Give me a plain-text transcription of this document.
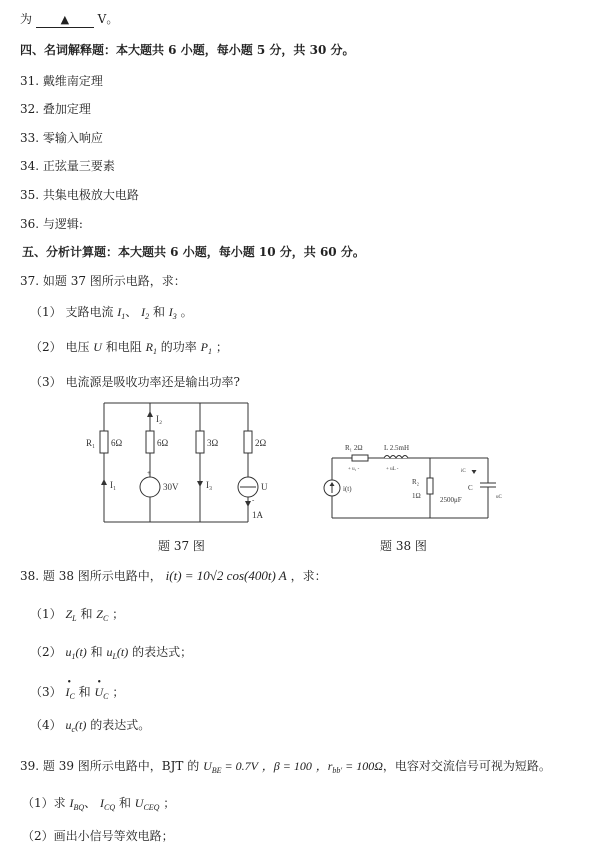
为	▲ V。
四、名词解释题：本大题共 6 小题，每小题 5 分，共 30 分。
31. 戴维南定理
32. 叠加定理
33. 零输入响应
34. 正弦量三要素
35. 共集电极放大电路
36. 与逻辑:
五、分析计算题：本大题共 6 小题，每小题 10 分，共 60 分。
37. 如题 37 图所示电路，求：
（1） 支路电流 $I_1$、 $I_2$ 和 $I_3$ 。
（2） 电压 U 和电阻 $R_1$ 的功率 $P_1$ ；
（3） 电流源是吸收功率还是输出功率?
R₁ 6Ω	6Ω	3Ω	2Ω
I₁
I₂
I₃
30V
+
U
-
1A
题 37 图
R₁ 2Ω	L 2.5mH
+ u₁ -	+ uL -
i(t)
R₂
1Ω
C
2500μF
iC
uC
题 38 图
38. 题 38 图所示电路中， i(t) = 10√2 cos(400t) A ，求：
（1） $Z_L$ 和 $Z_C$ ；
（2） $u_1(t)$ 和 $u_L(t)$ 的表达式；
（3）
•
$I_C$ 和
•
$U_C$ ；
（4） $u_c(t)$ 的表达式。
39. 题 39 图所示电路中，BJT 的 $U_{BE} = 0.7V$ ，β = 100 ，$r_{bb'} = 100\Omega$，电容对交流信号可视为短路。
（1）求 $I_{BQ}$、 $I_{CQ}$ 和 $U_{CEQ}$ ；
（2）画出小信号等效电路；
